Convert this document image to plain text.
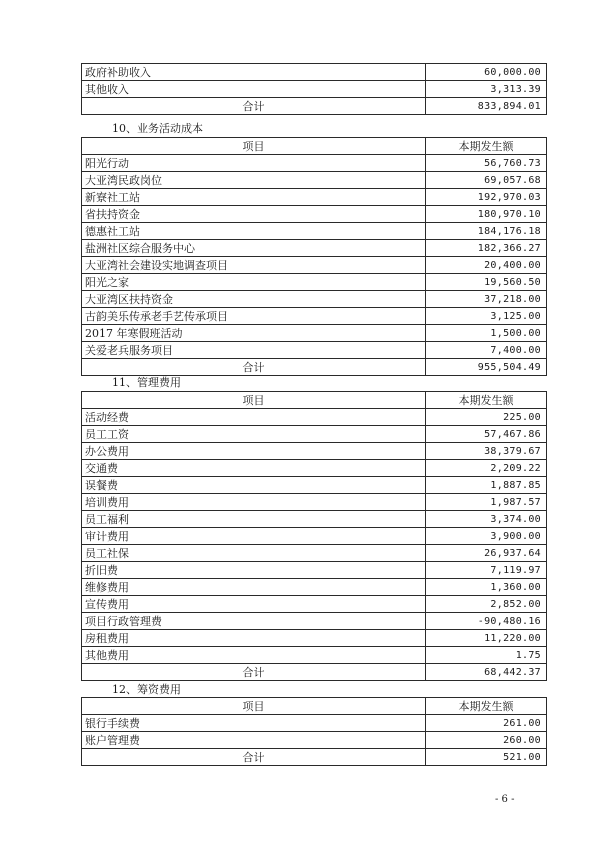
政府补助收入	60,000.00
其他收入	3,313.39
合计	833,894.01
10、业务活动成本
项目	本期发生额
阳光行动	56,760.73
大亚湾民政岗位	69,057.68
新寮社工站	192,970.03
省扶持资金	180,970.10
德惠社工站	184,176.18
盐洲社区综合服务中心	182,366.27
大亚湾社会建设实地调查项目	20,400.00
阳光之家	19,560.50
大亚湾区扶持资金	37,218.00
古韵美乐传承老手艺传承项目	3,125.00
2017 年寒假班活动	1,500.00
关爱老兵服务项目	7,400.00
合计	955,504.49
11、管理费用
项目	本期发生额
活动经费	225.00
员工工资	57,467.86
办公费用	38,379.67
交通费	2,209.22
误餐费	1,887.85
培训费用	1,987.57
员工福利	3,374.00
审计费用	3,900.00
员工社保	26,937.64
折旧费	7,119.97
维修费用	1,360.00
宣传费用	2,852.00
项目行政管理费	-90,480.16
房租费用	11,220.00
其他费用	1.75
合计	68,442.37
12、筹资费用
项目	本期发生额
银行手续费	261.00
账户管理费	260.00
合计	521.00
- 6 -
